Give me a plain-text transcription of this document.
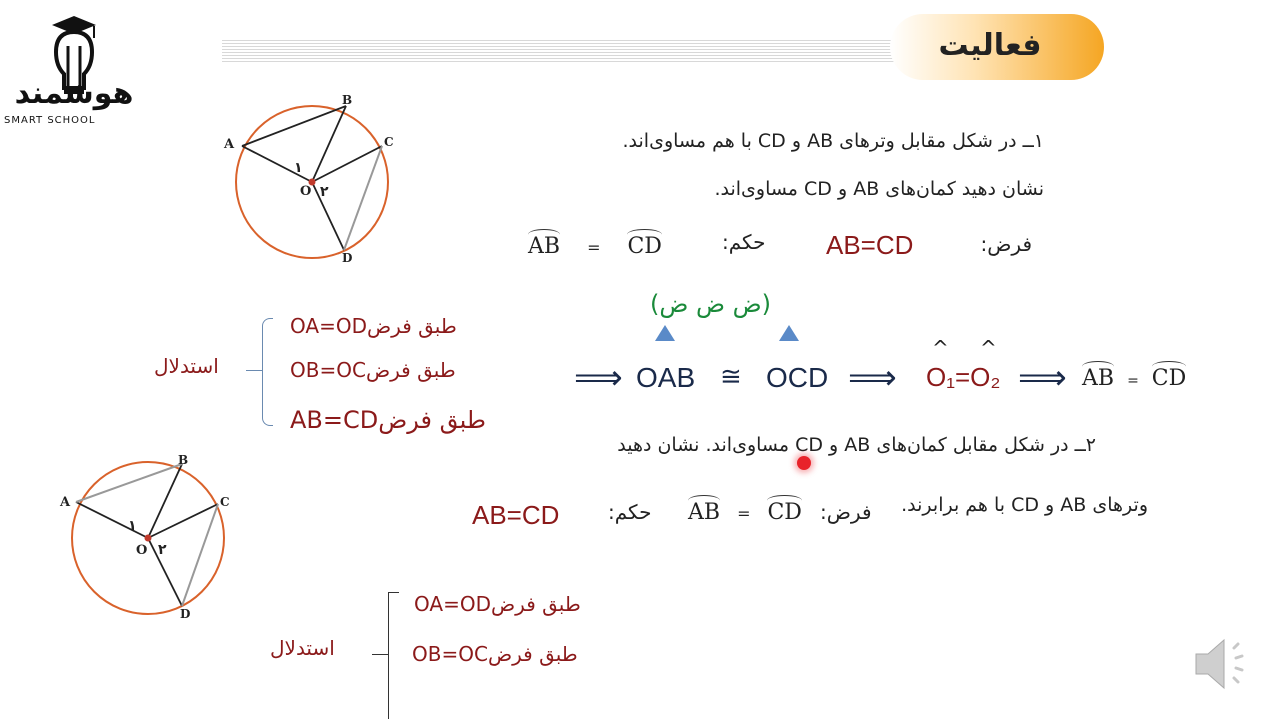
هوشمند
SMART SCHOOL
فعالیت
A
B
C
D
O
۱
۲
۱ــ در شکل مقابل وترهای AB و CD با هم مساوی‌اند.
نشان دهید کمان‌های AB و CD مساوی‌اند.
فرض:
AB=CD
حکم:
AB = CD
استدلال
OA=ODطبق فرض
OB=OCطبق فرض
AB=CDطبق فرض
(ض ض ض)
⟹ OAB ≅ OCD ⟹
^ ^
O₁=O₂ ⟹ AB = CD
۲ــ در شکل مقابل کمان‌های AB و CD مساوی‌اند. نشان دهید
وترهای AB و CD با هم برابرند.
فرض:
AB = CD
حکم:
AB=CD
A
B
C
D
O
۱
۲
استدلال
OA=ODطبق فرض
OB=OCطبق فرض
